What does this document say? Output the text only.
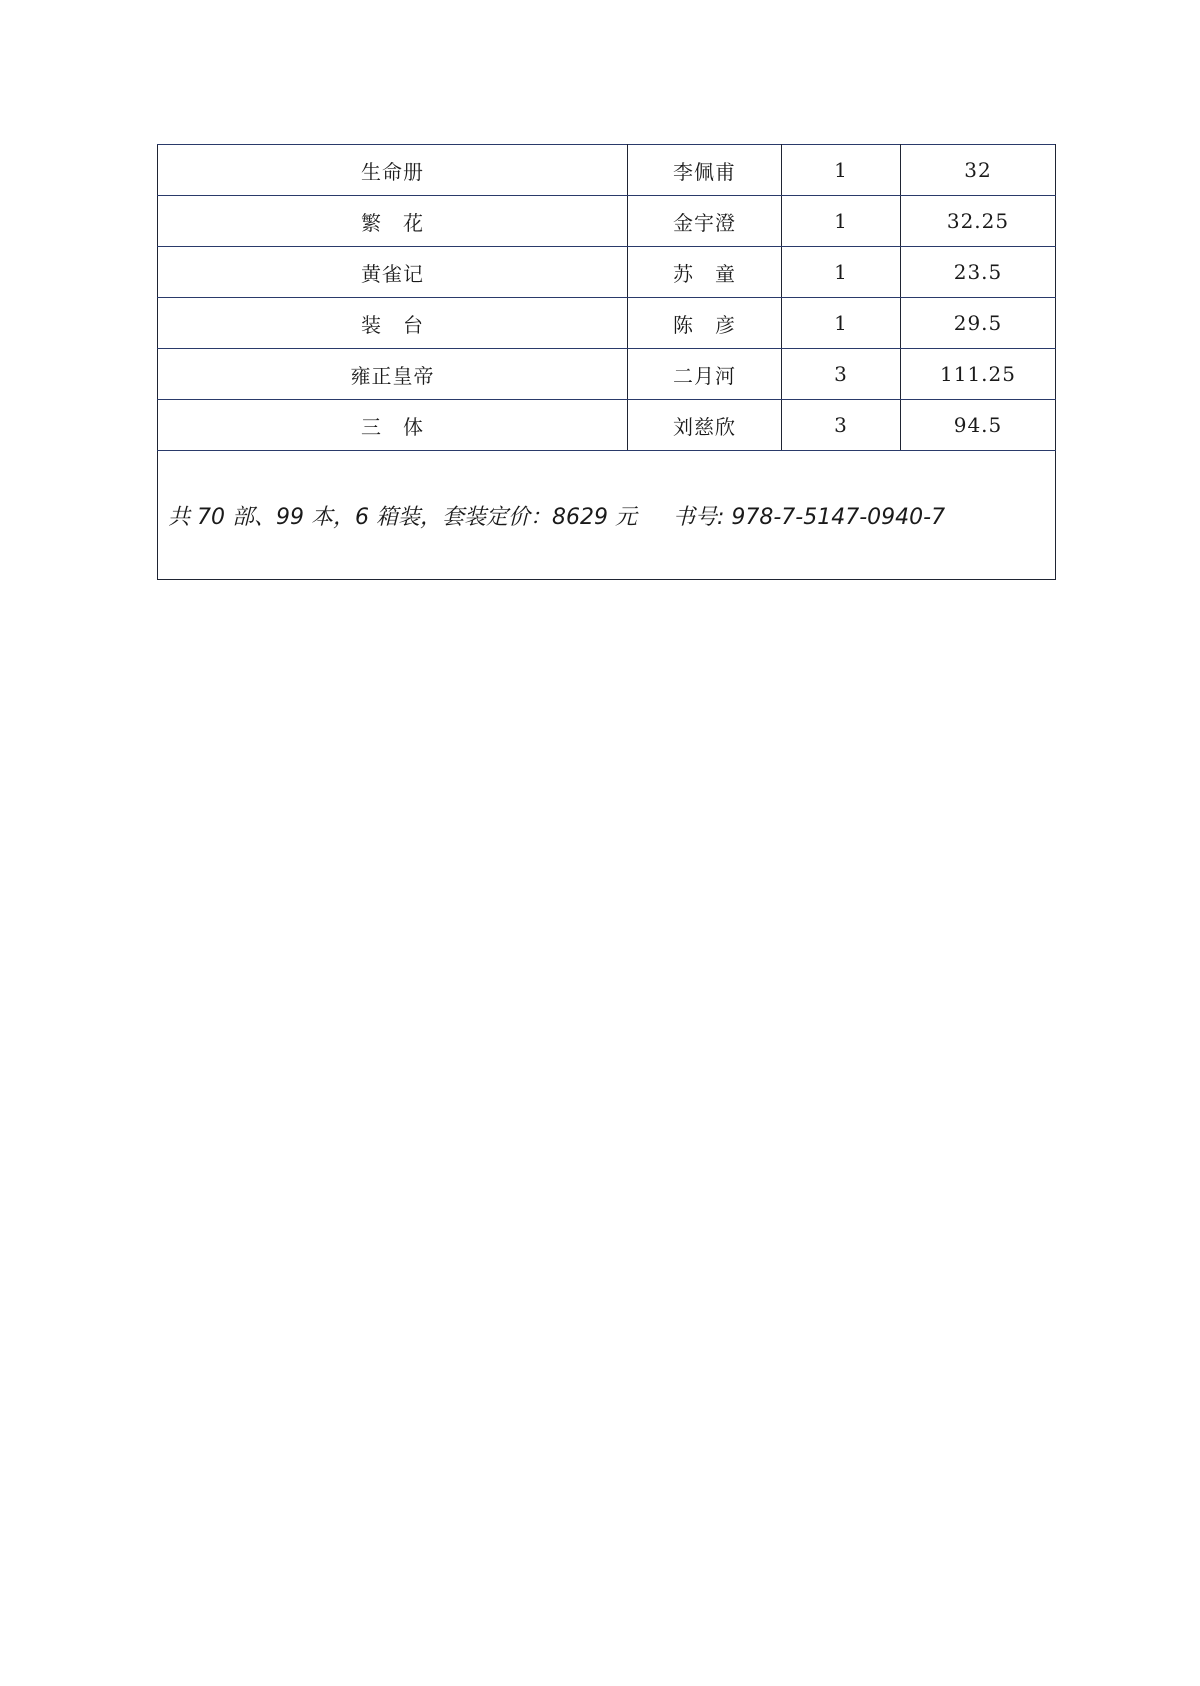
生命册	李佩甫	1	32
繁　花	金宇澄	1	32.25
黄雀记	苏　童	1	23.5
装　台	陈　彦	1	29.5
雍正皇帝	二月河	3	111.25
三　体	刘慈欣	3	94.5
共 70 部、99 本，6 箱装，套装定价：8629 元 书号: 978-7-5147-0940-7			
